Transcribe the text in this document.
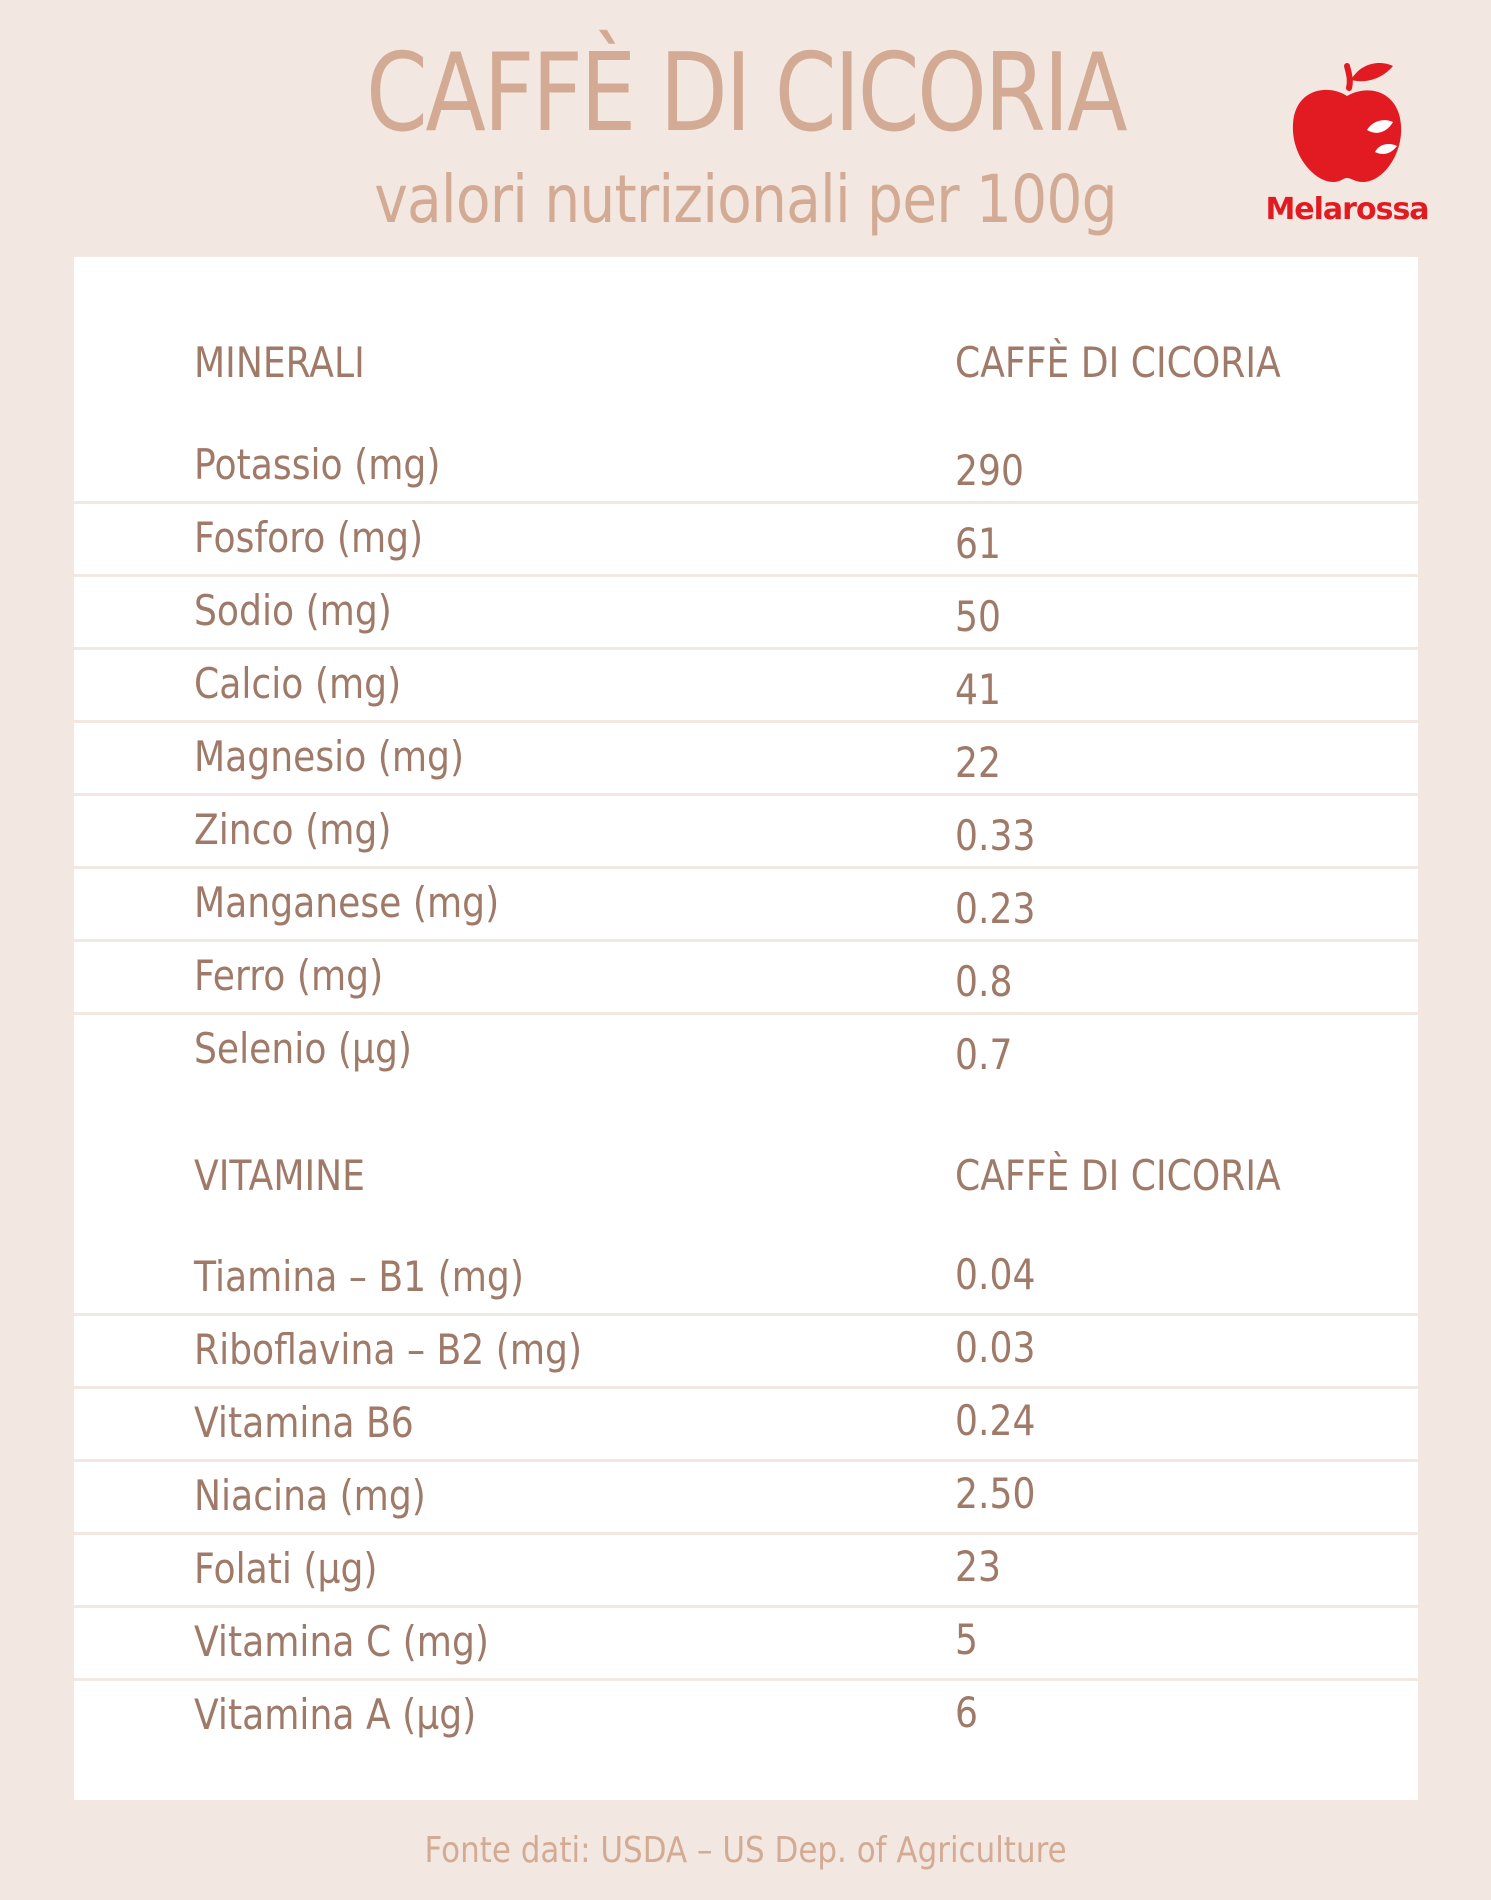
CAFFÈ DI CICORIA
valori nutrizionali per 100g	Melarossa
MINERALI	CAFFÈ DI CICORIA
Potassio (mg)	290
Fosforo (mg)	61
Sodio (mg)	50
Calcio (mg)	41
Magnesio (mg)	22
Zinco (mg)	0.33
Manganese (mg)	0.23
Ferro (mg)	0.8
Selenio (µg)	0.7
VITAMINE	CAFFÈ DI CICORIA
Tiamina – B1 (mg)	0.04
Riboflavina – B2 (mg)	0.03
Vitamina B6	0.24
Niacina (mg)	2.50
Folati (µg)	23
Vitamina C (mg)	5
Vitamina A (µg)	6
Fonte dati: USDA – US Dep. of Agriculture
